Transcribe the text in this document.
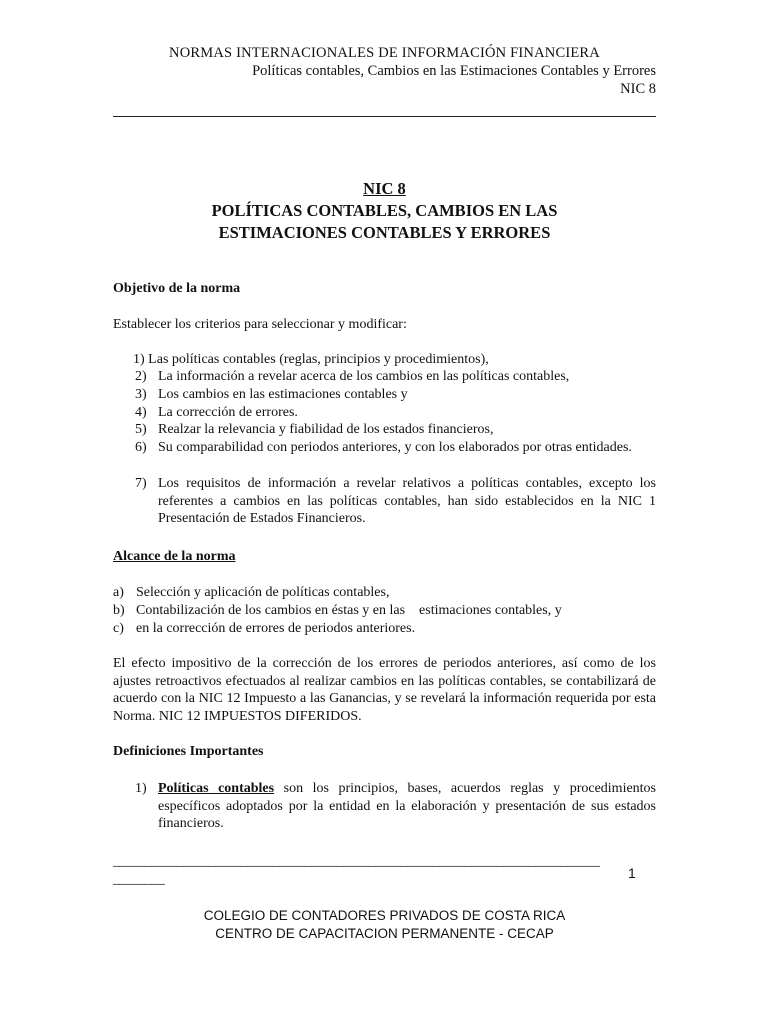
NORMAS INTERNACIONALES DE INFORMACIÓN FINANCIERA
Políticas contables, Cambios en las Estimaciones Contables y Errores
NIC 8
NIC 8
POLÍTICAS CONTABLES, CAMBIOS EN LAS
ESTIMACIONES CONTABLES Y ERRORES
Objetivo de la norma
Establecer los criterios para seleccionar y modificar:
1) Las políticas contables (reglas, principios y procedimientos),
2) La información a revelar acerca de los cambios en las políticas contables,
3) Los cambios en las estimaciones contables y
4) La corrección de errores.
5) Realzar la relevancia y fiabilidad de los estados financieros,
6) Su comparabilidad con periodos anteriores, y con los elaborados por otras entidades.
7) Los requisitos de información a revelar relativos a políticas contables, excepto los referentes a cambios en las políticas contables, han sido establecidos en la NIC 1 Presentación de Estados Financieros.
Alcance de la norma
a) Selección y aplicación de políticas contables,
b) Contabilización de los cambios en éstas y en las    estimaciones contables, y
c) en la corrección de errores de periodos anteriores.
El efecto impositivo de la corrección de los errores de periodos anteriores, así como de los ajustes retroactivos efectuados al realizar cambios en las políticas contables, se contabilizará de acuerdo con la NIC 12 Impuesto a las Ganancias, y se revelará la información requerida por esta Norma. NIC 12 IMPUESTOS DIFERIDOS.
Definiciones Importantes
1) Políticas contables son los principios, bases, acuerdos reglas y procedimientos específicos adoptados por la entidad en la elaboración y presentación de sus estados financieros.
____________________________________________________________________________
________	1
COLEGIO DE CONTADORES PRIVADOS DE COSTA RICA
CENTRO DE CAPACITACION PERMANENTE - CECAP
